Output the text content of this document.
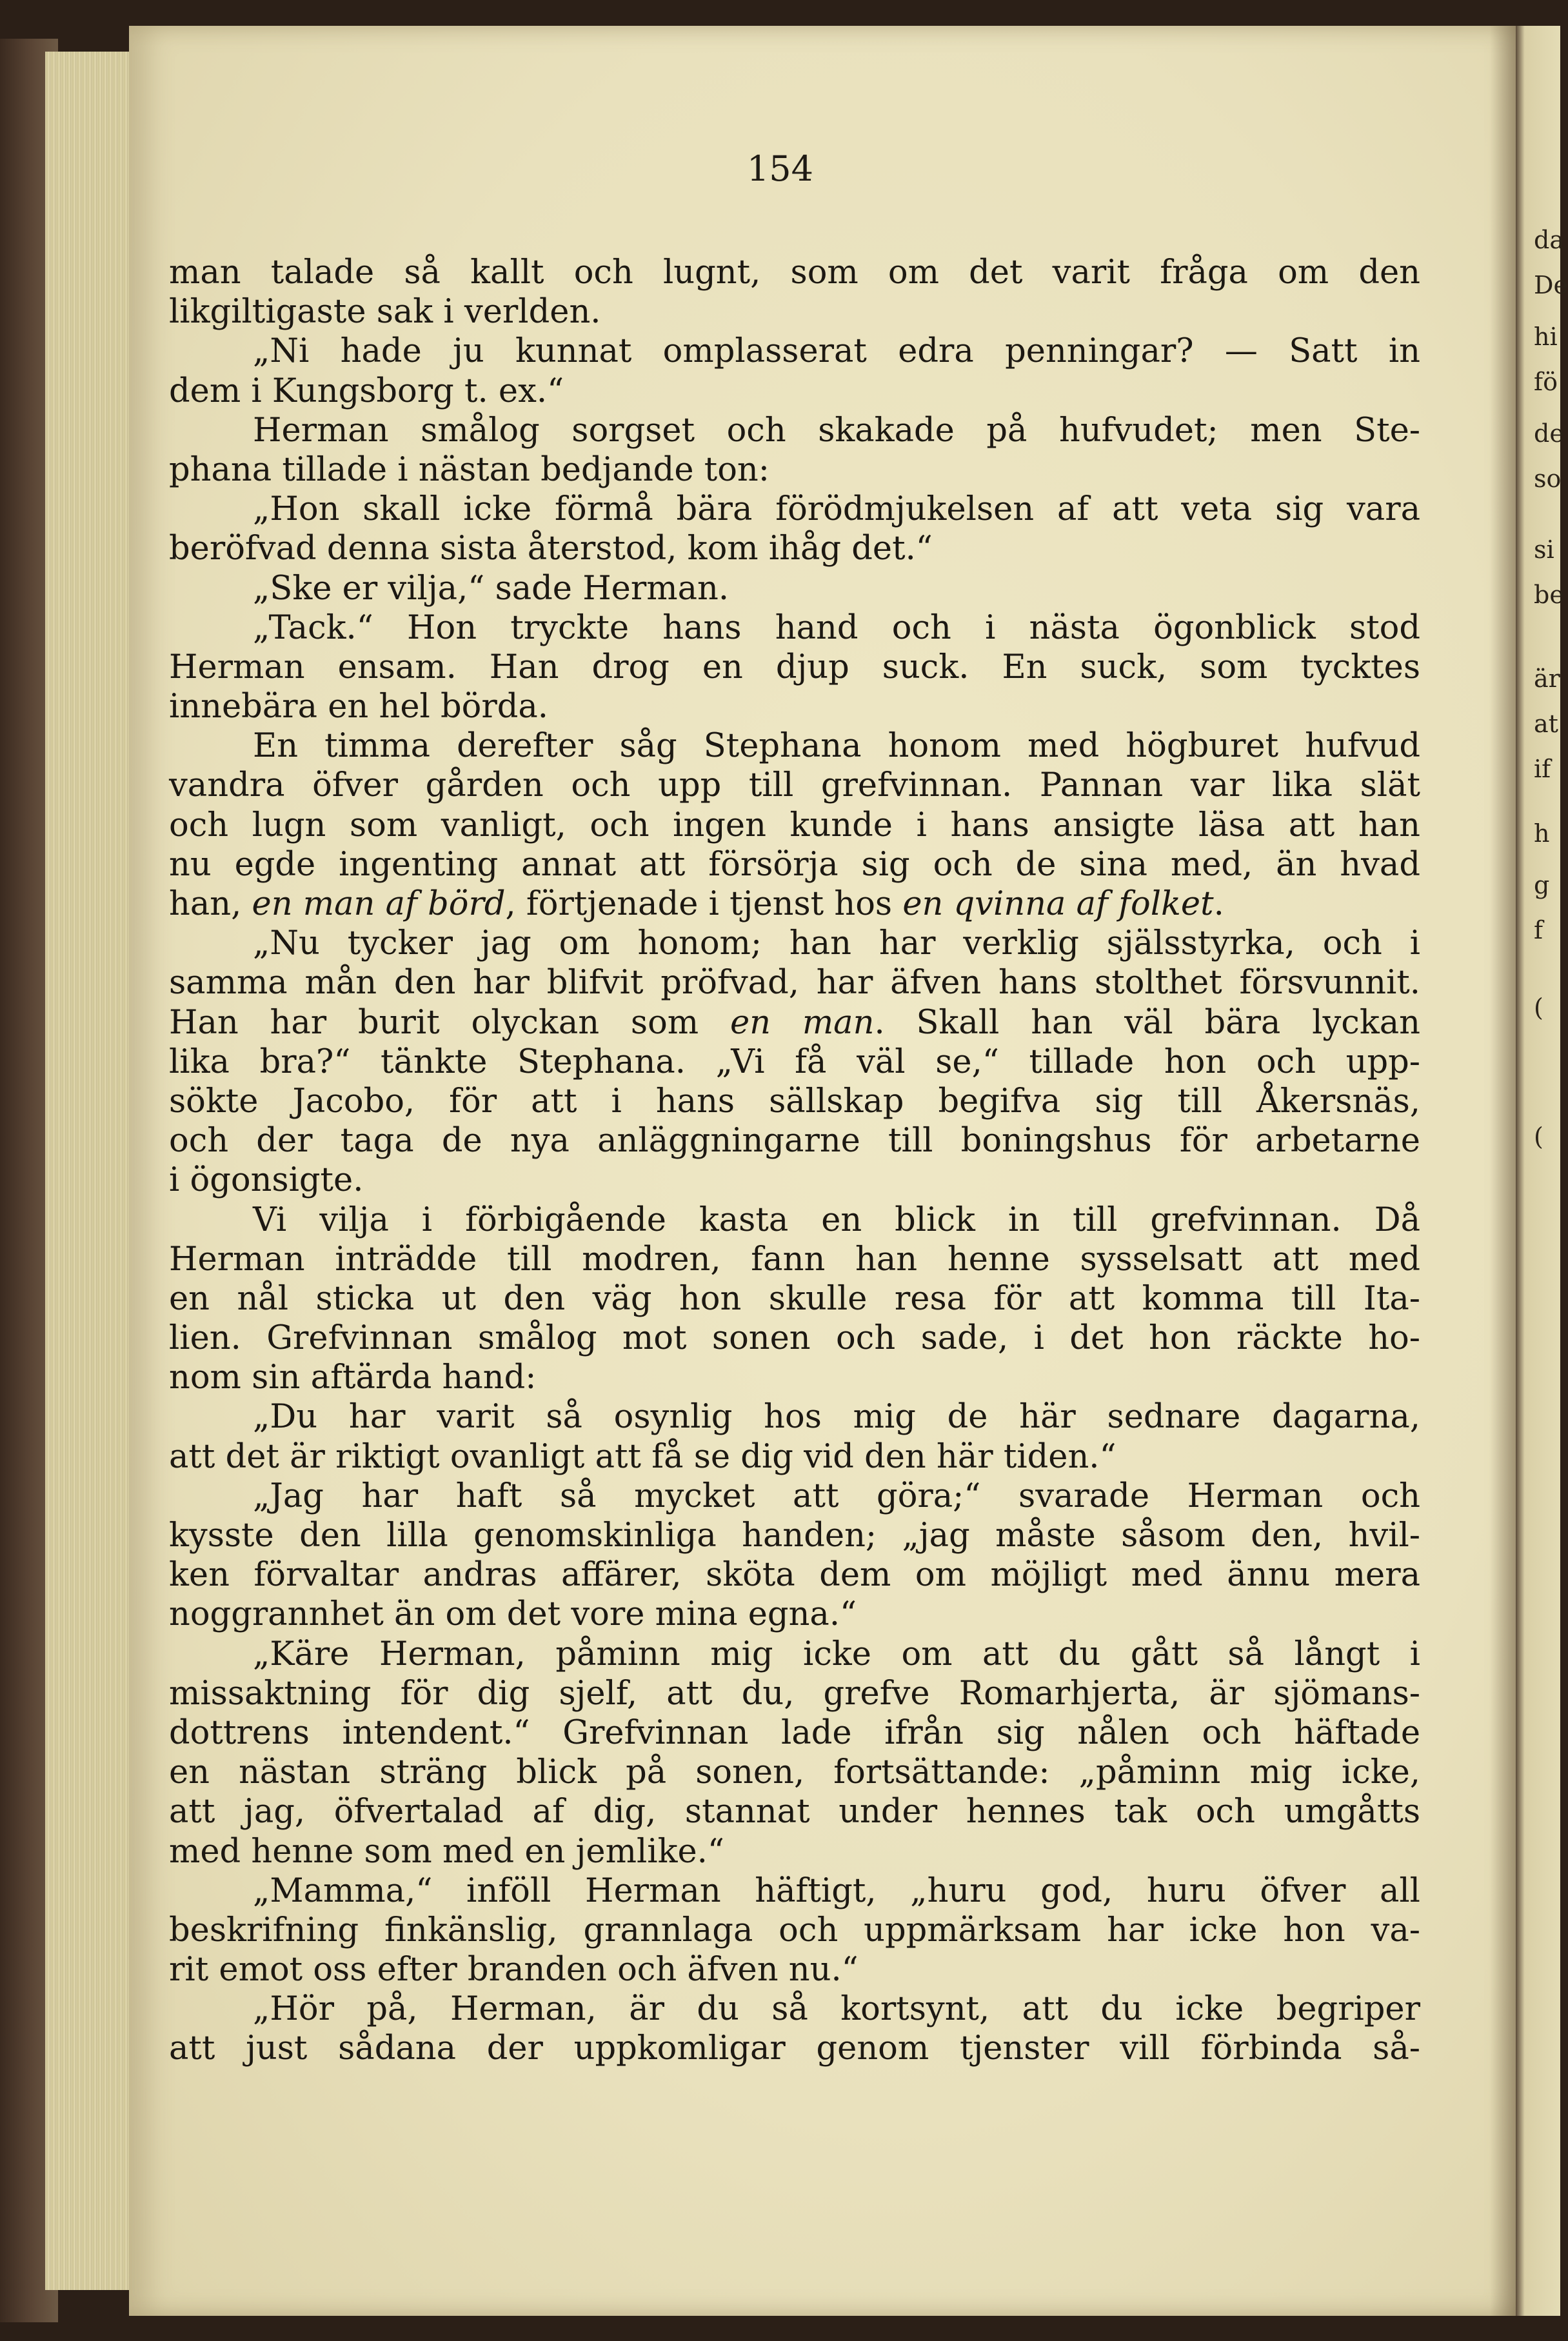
da
De
hi
fö
de
so
si
be
är
at
if
h
g
f
(
(
154
man talade så kallt och lugnt, som om det varit fråga om den
likgiltigaste sak i verlden.
„Ni hade ju kunnat omplasserat edra penningar? — Satt in
dem i Kungsborg t. ex.“
Herman smålog sorgset och skakade på hufvudet; men Ste-
phana tillade i nästan bedjande ton:
„Hon skall icke förmå bära förödmjukelsen af att veta sig vara
beröfvad denna sista återstod, kom ihåg det.“
„Ske er vilja,“ sade Herman.
„Tack.“ Hon tryckte hans hand och i nästa ögonblick stod
Herman ensam. Han drog en djup suck. En suck, som tycktes
innebära en hel börda.
En timma derefter såg Stephana honom med högburet hufvud
vandra öfver gården och upp till grefvinnan. Pannan var lika slät
och lugn som vanligt, och ingen kunde i hans ansigte läsa att han
nu egde ingenting annat att försörja sig och de sina med, än hvad
han, en man af börd, förtjenade i tjenst hos en qvinna af folket.
„Nu tycker jag om honom; han har verklig själsstyrka, och i
samma mån den har blifvit pröfvad, har äfven hans stolthet försvunnit.
Han har burit olyckan som en man. Skall han väl bära lyckan
lika bra?“ tänkte Stephana. „Vi få väl se,“ tillade hon och upp-
sökte Jacobo, för att i hans sällskap begifva sig till Åkersnäs,
och der taga de nya anläggningarne till boningshus för arbetarne
i ögonsigte.
Vi vilja i förbigående kasta en blick in till grefvinnan. Då
Herman inträdde till modren, fann han henne sysselsatt att med
en nål sticka ut den väg hon skulle resa för att komma till Ita-
lien. Grefvinnan smålog mot sonen och sade, i det hon räckte ho-
nom sin aftärda hand:
„Du har varit så osynlig hos mig de här sednare dagarna,
att det är riktigt ovanligt att få se dig vid den här tiden.“
„Jag har haft så mycket att göra;“ svarade Herman och
kysste den lilla genomskinliga handen; „jag måste såsom den, hvil-
ken förvaltar andras affärer, sköta dem om möjligt med ännu mera
noggrannhet än om det vore mina egna.“
„Käre Herman, påminn mig icke om att du gått så långt i
missaktning för dig sjelf, att du, grefve Romarhjerta, är sjömans-
dottrens intendent.“ Grefvinnan lade ifrån sig nålen och häftade
en nästan sträng blick på sonen, fortsättande: „påminn mig icke,
att jag, öfvertalad af dig, stannat under hennes tak och umgåtts
med henne som med en jemlike.“
„Mamma,“ inföll Herman häftigt, „huru god, huru öfver all
beskrifning finkänslig, grannlaga och uppmärksam har icke hon va-
rit emot oss efter branden och äfven nu.“
„Hör på, Herman, är du så kortsynt, att du icke begriper
att just sådana der uppkomligar genom tjenster vill förbinda så-
